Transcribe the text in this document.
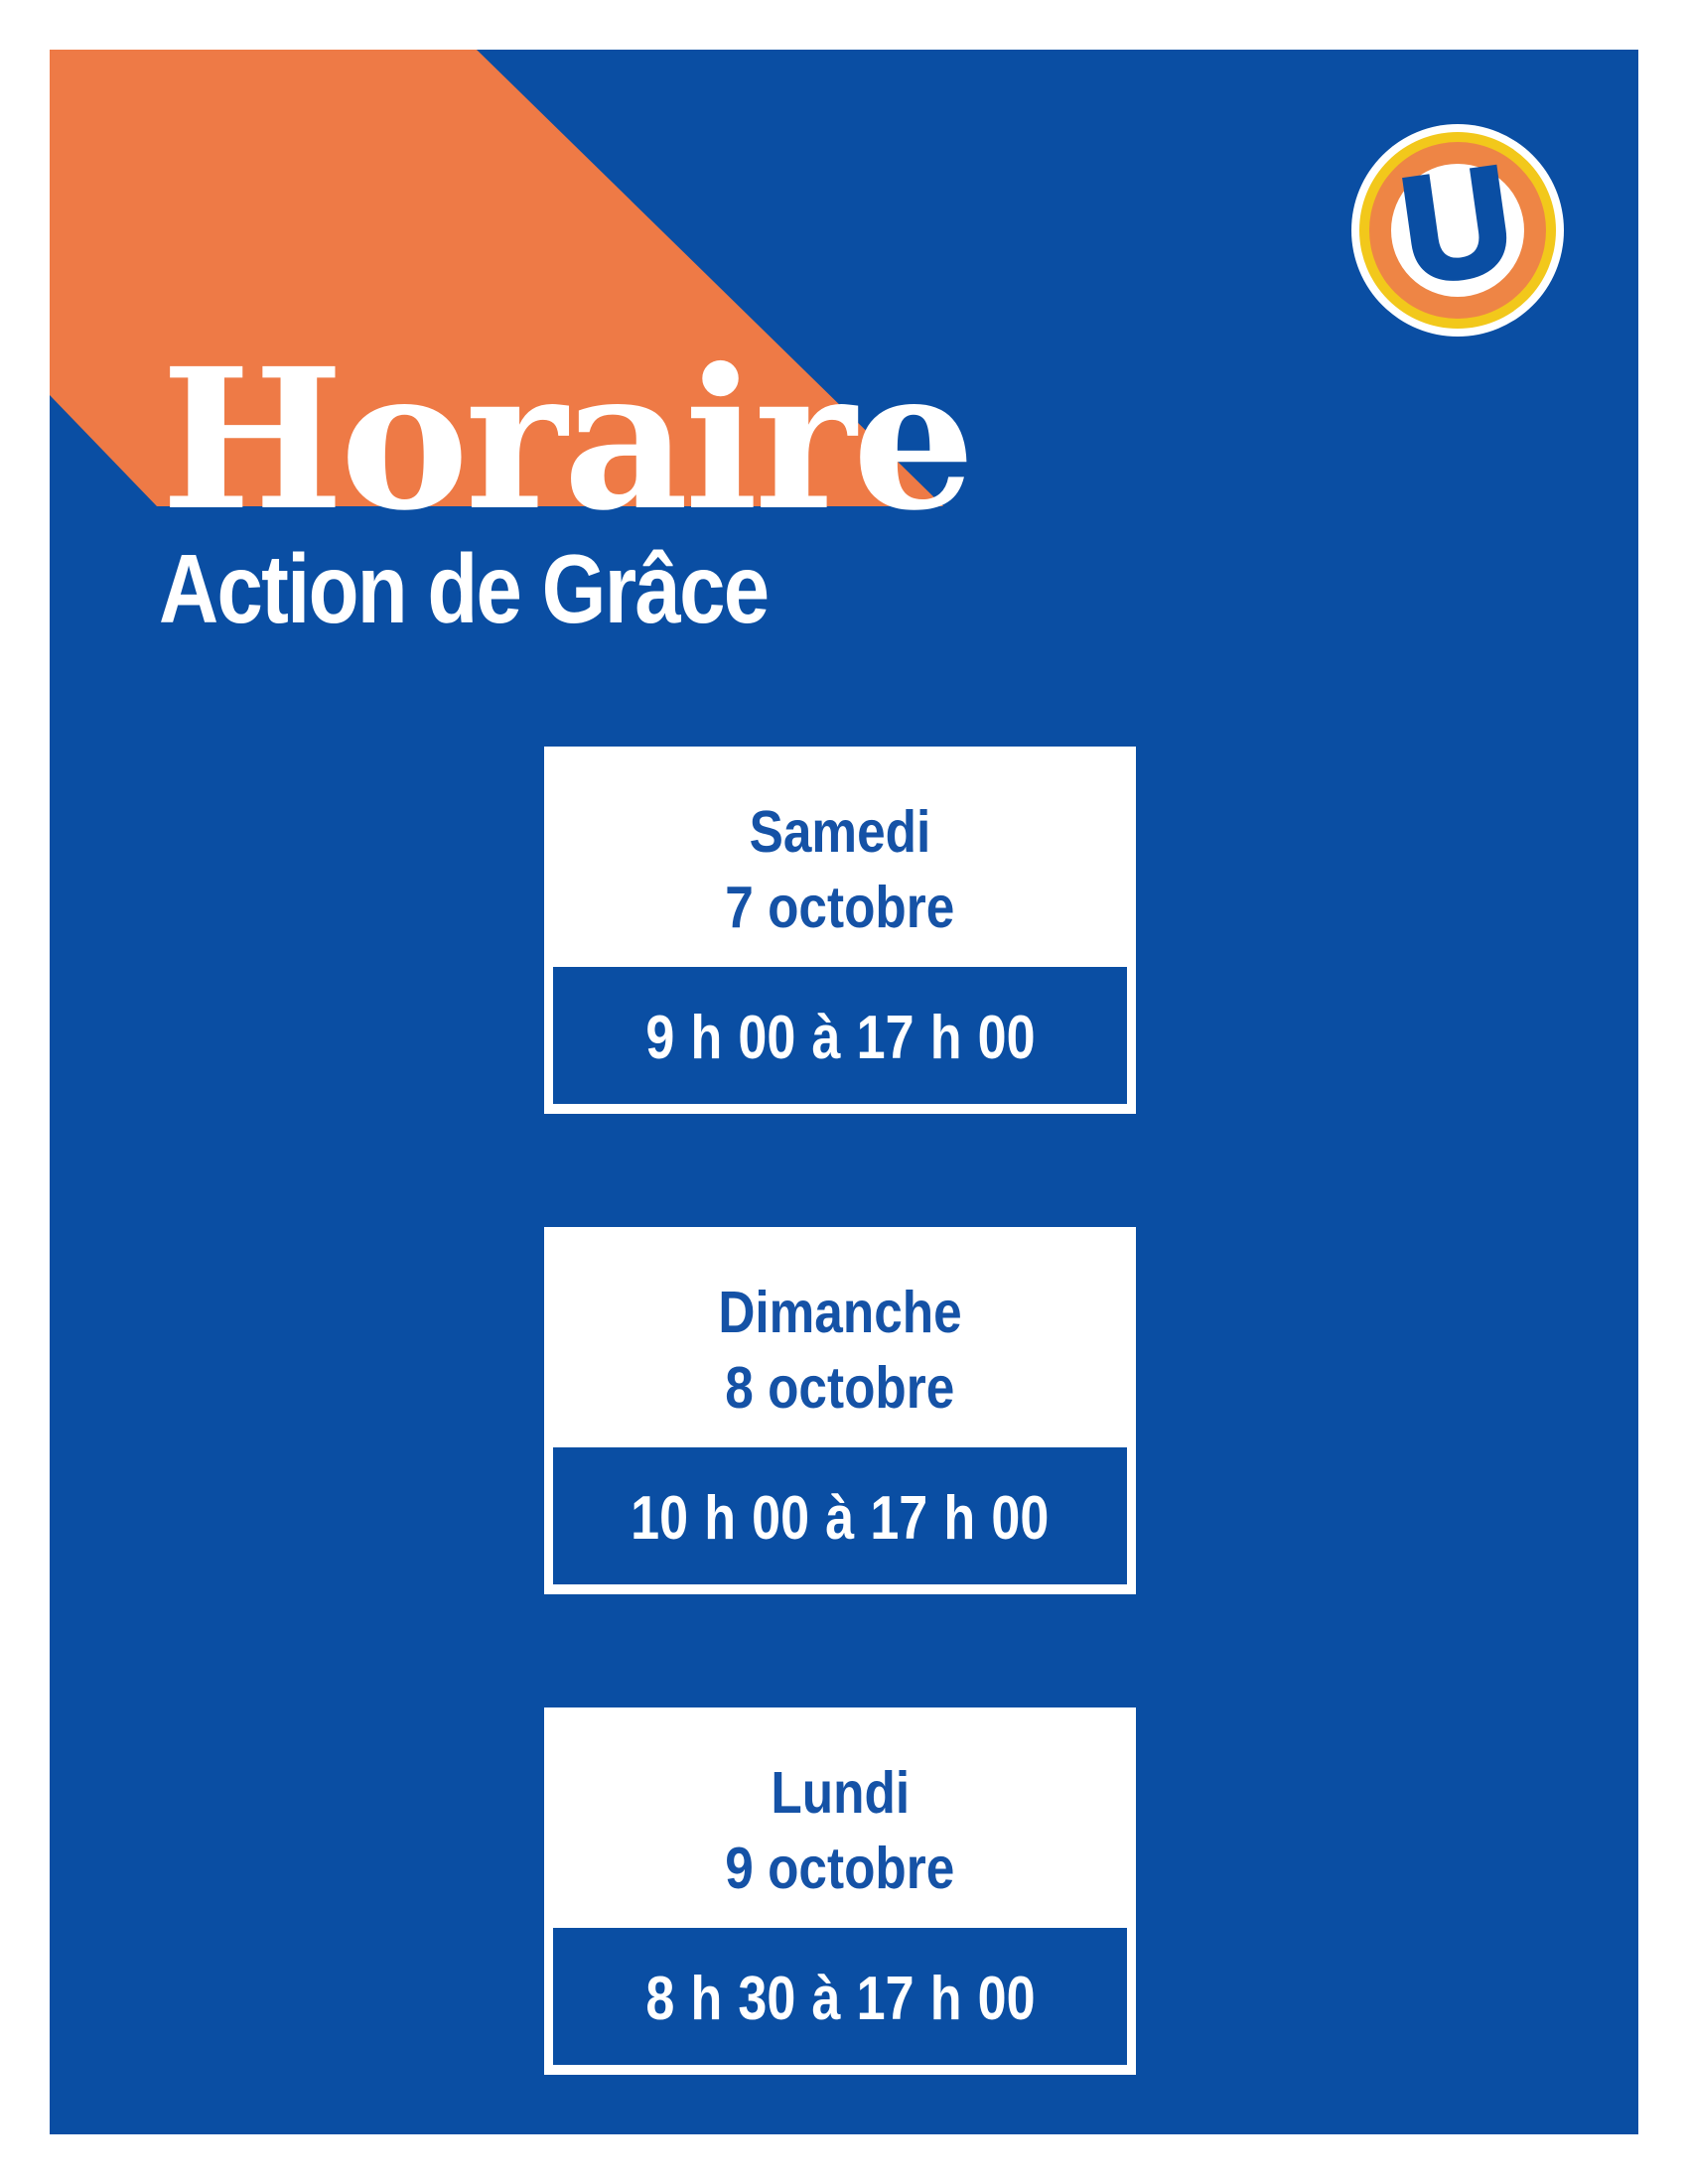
Horaire
Action de Grâce
U
Samedi
7 octobre
9 h 00 à 17 h 00
Dimanche
8 octobre
10 h 00 à 17 h 00
Lundi
9 octobre
8 h 30 à 17 h 00
